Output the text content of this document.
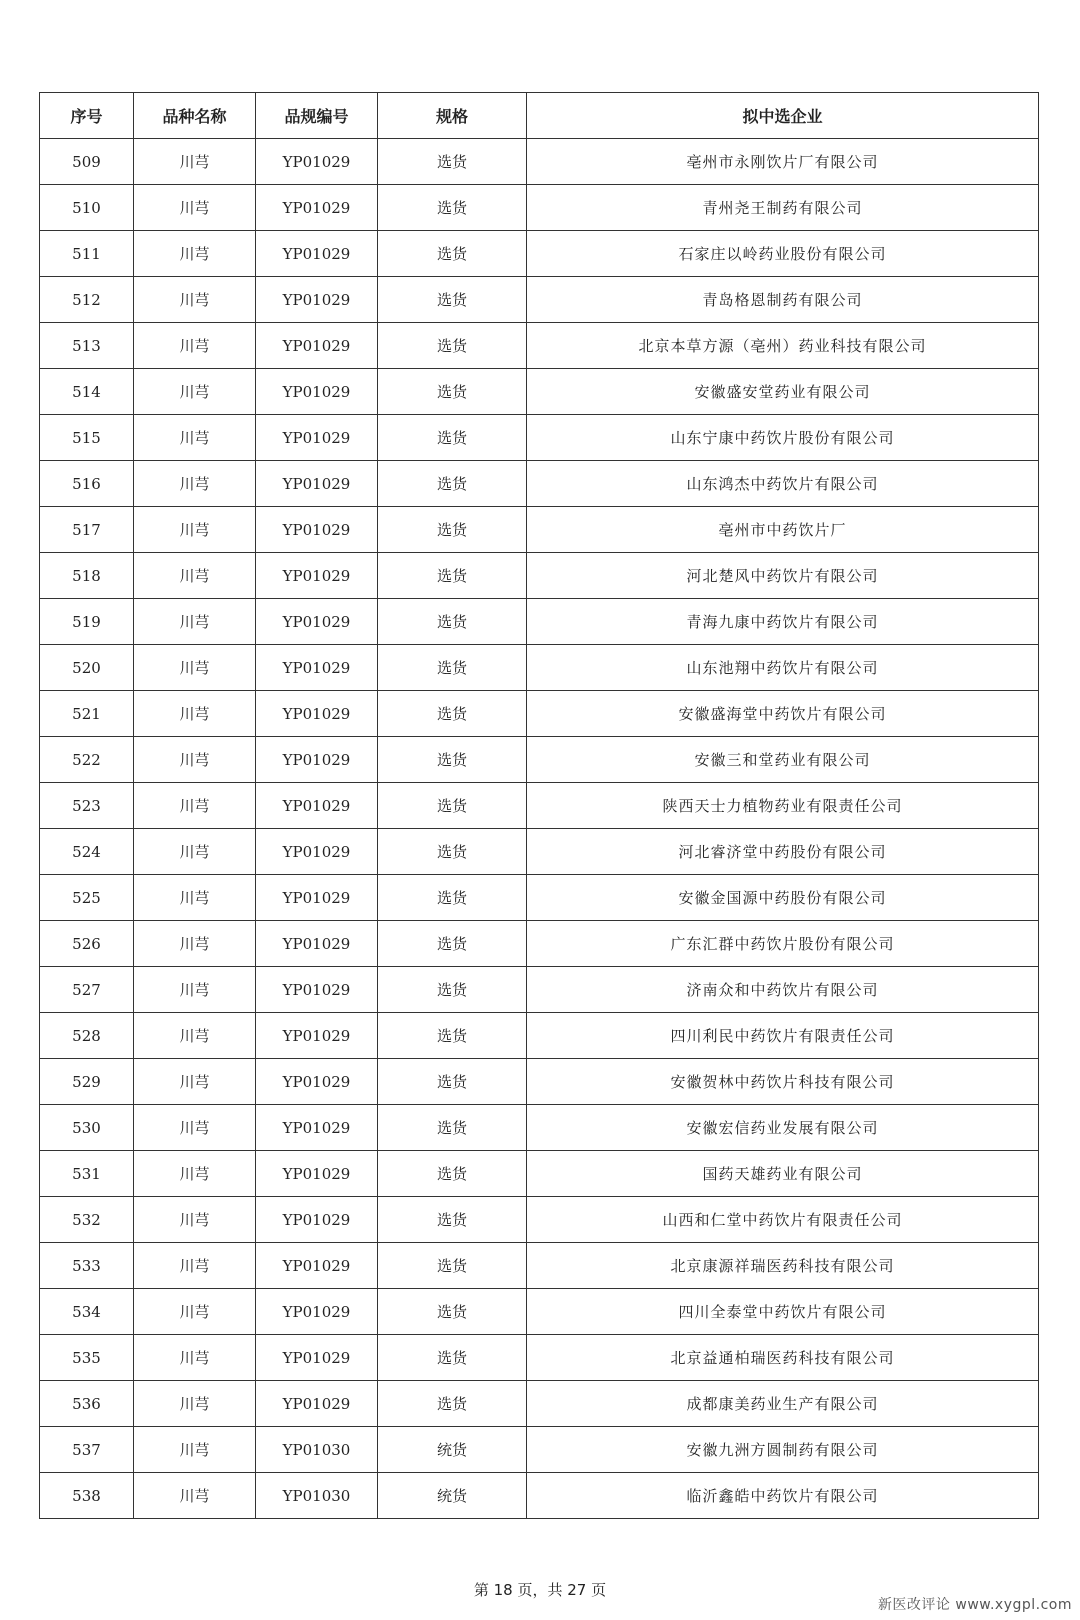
序号	品种名称	品规编号	规格	拟中选企业
509	川芎	YP01029	选货	亳州市永刚饮片厂有限公司
510	川芎	YP01029	选货	青州尧王制药有限公司
511	川芎	YP01029	选货	石家庄以岭药业股份有限公司
512	川芎	YP01029	选货	青岛格恩制药有限公司
513	川芎	YP01029	选货	北京本草方源（亳州）药业科技有限公司
514	川芎	YP01029	选货	安徽盛安堂药业有限公司
515	川芎	YP01029	选货	山东宁康中药饮片股份有限公司
516	川芎	YP01029	选货	山东鸿杰中药饮片有限公司
517	川芎	YP01029	选货	亳州市中药饮片厂
518	川芎	YP01029	选货	河北楚风中药饮片有限公司
519	川芎	YP01029	选货	青海九康中药饮片有限公司
520	川芎	YP01029	选货	山东池翔中药饮片有限公司
521	川芎	YP01029	选货	安徽盛海堂中药饮片有限公司
522	川芎	YP01029	选货	安徽三和堂药业有限公司
523	川芎	YP01029	选货	陕西天士力植物药业有限责任公司
524	川芎	YP01029	选货	河北睿济堂中药股份有限公司
525	川芎	YP01029	选货	安徽金国源中药股份有限公司
526	川芎	YP01029	选货	广东汇群中药饮片股份有限公司
527	川芎	YP01029	选货	济南众和中药饮片有限公司
528	川芎	YP01029	选货	四川利民中药饮片有限责任公司
529	川芎	YP01029	选货	安徽贺林中药饮片科技有限公司
530	川芎	YP01029	选货	安徽宏信药业发展有限公司
531	川芎	YP01029	选货	国药天雄药业有限公司
532	川芎	YP01029	选货	山西和仁堂中药饮片有限责任公司
533	川芎	YP01029	选货	北京康源祥瑞医药科技有限公司
534	川芎	YP01029	选货	四川全泰堂中药饮片有限公司
535	川芎	YP01029	选货	北京益通柏瑞医药科技有限公司
536	川芎	YP01029	选货	成都康美药业生产有限公司
537	川芎	YP01030	统货	安徽九洲方圆制药有限公司
538	川芎	YP01030	统货	临沂鑫皓中药饮片有限公司
第 18 页，共 27 页
新医改评论 www.xygpl.com
